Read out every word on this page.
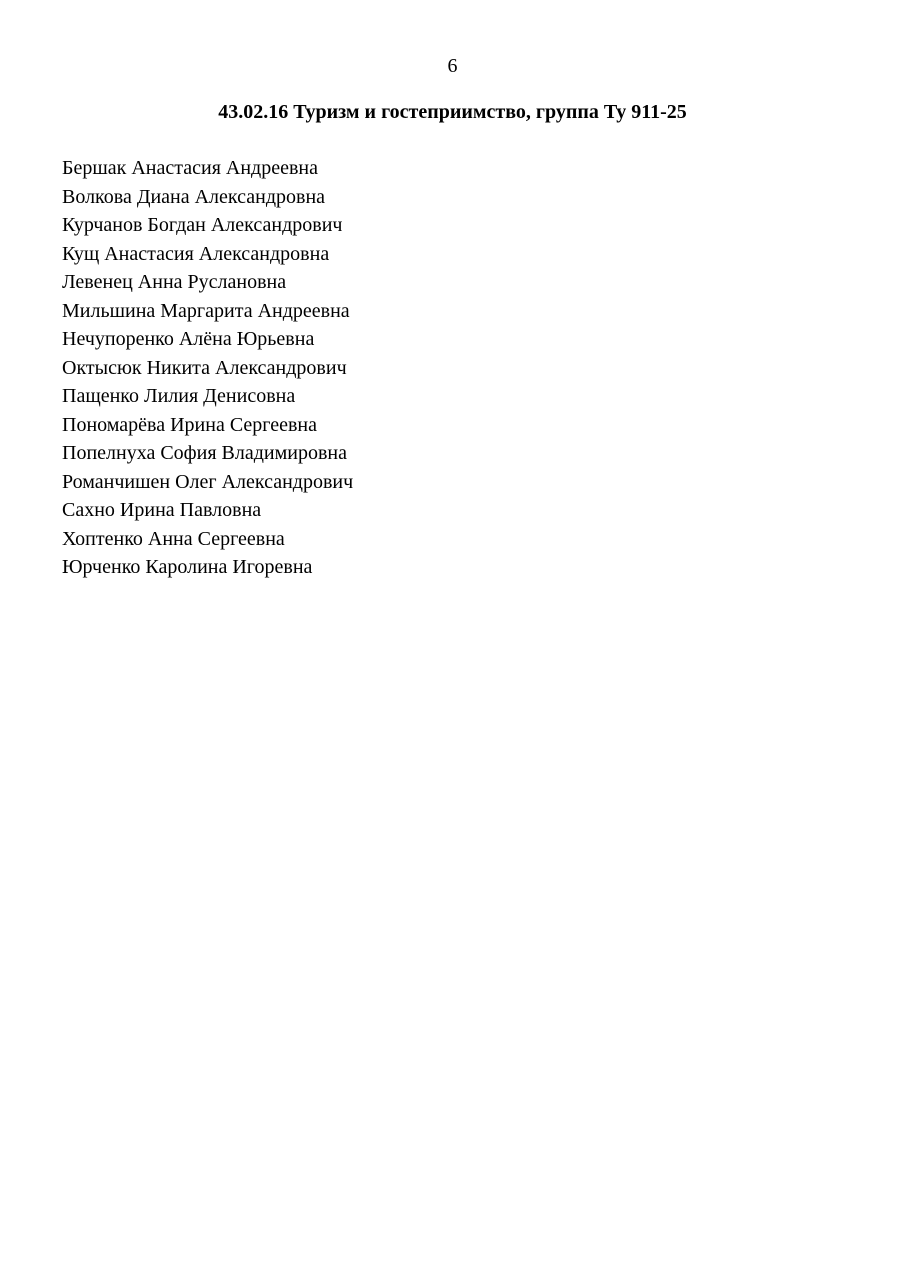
6
43.02.16 Туризм и гостеприимство, группа Ту 911-25
Бершак Анастасия Андреевна
Волкова Диана Александровна
Курчанов Богдан Александрович
Кущ Анастасия Александровна
Левенец Анна Руслановна
Мильшина Маргарита Андреевна
Нечупоренко Алёна Юрьевна
Октысюк Никита Александрович
Пащенко Лилия Денисовна
Пономарёва Ирина Сергеевна
Попелнуха София Владимировна
Романчишен Олег Александрович
Сахно Ирина Павловна
Хоптенко Анна Сергеевна
Юрченко Каролина Игоревна
